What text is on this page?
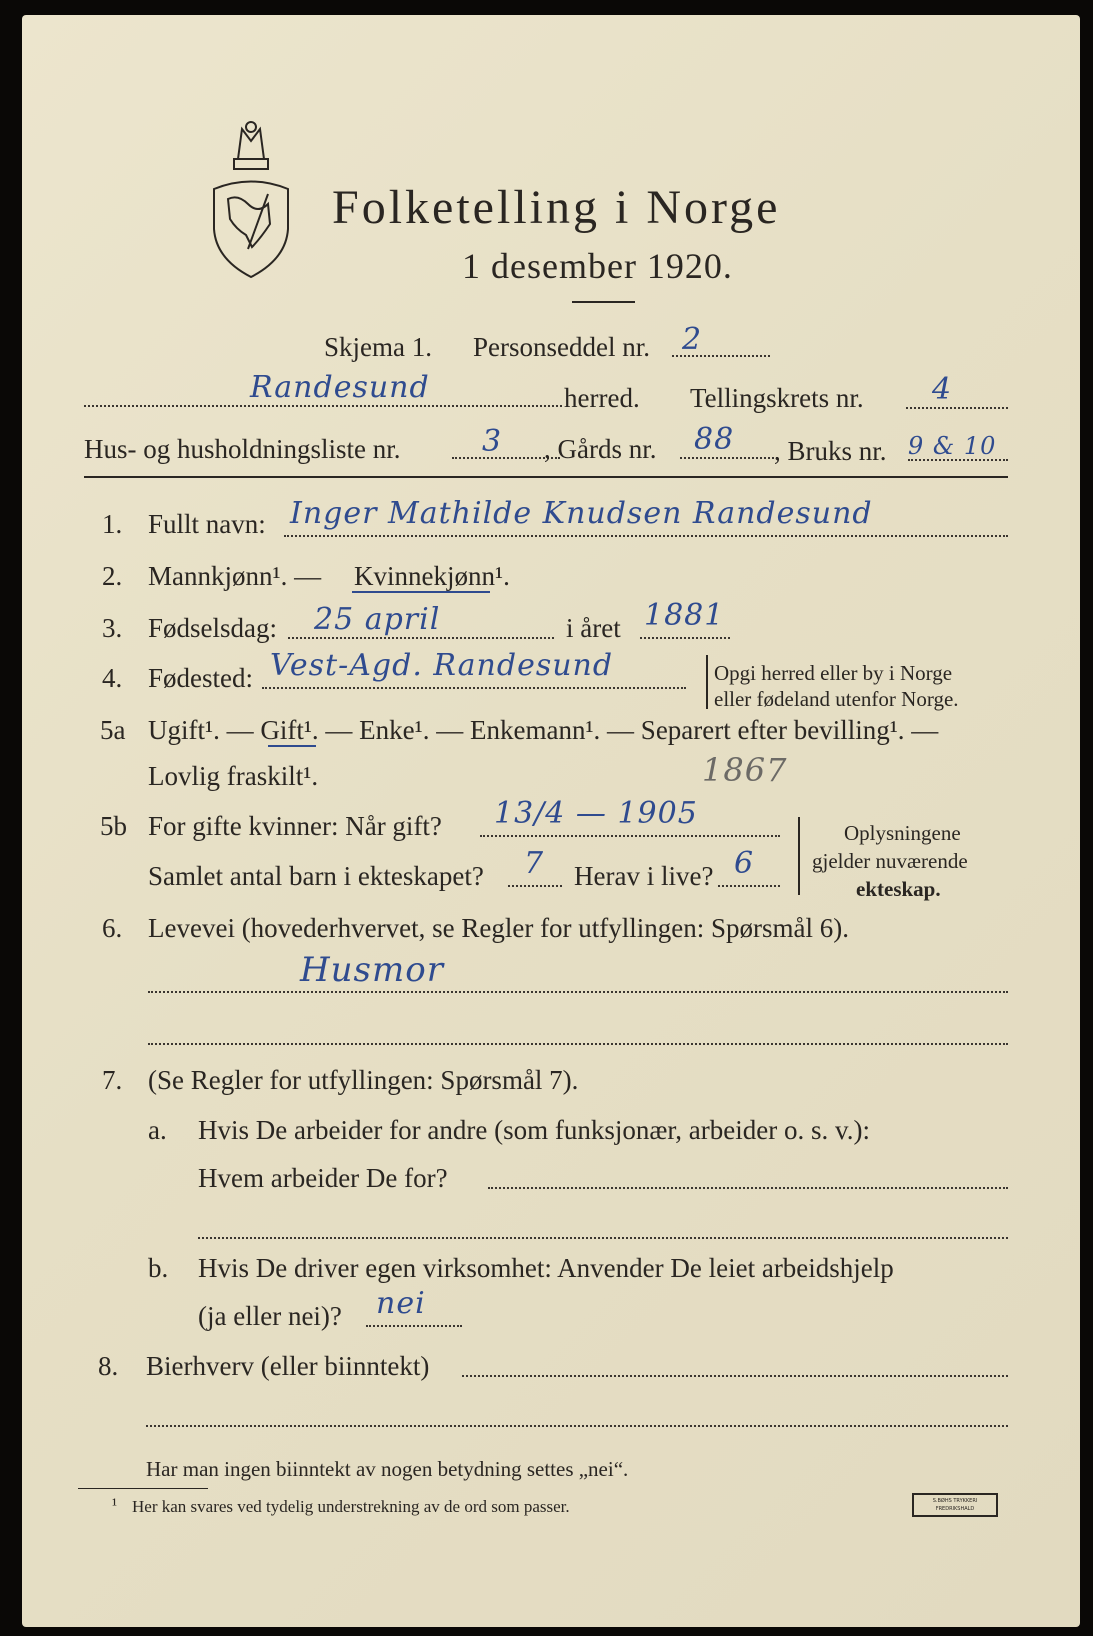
Folketelling i Norge
1 desember 1920.
Skjema 1. Personseddel nr. 2
Randesund	herred. Tellingskrets nr. 4
Hus- og husholdningsliste nr.	3 , Gårds nr. 88 , Bruks nr. 9 & 10
1. Fullt navn: Inger Mathilde Knudsen Randesund
2. Mannkjønn¹. — Kvinnekjønn¹.
3. Fødselsdag: 25 april	i året 1881
4. Fødested: Vest-Agd. Randesund	Opgi herred eller by i Norge
eller fødeland utenfor Norge.
5a Ugift¹. — Gift¹. — Enke¹. — Enkemann¹. — Separert efter bevilling¹. —
Lovlig fraskilt¹.	1867
5b For gifte kvinner: Når gift? 13/4 — 1905
Samlet antal barn i ekteskapet? 7 Herav i live? 6
Oplysningene
gjelder nuværende
ekteskap.
6. Levevei (hovederhvervet, se Regler for utfyllingen: Spørsmål 6).
Husmor
7. (Se Regler for utfyllingen: Spørsmål 7).
a. Hvis De arbeider for andre (som funksjonær, arbeider o. s. v.):
Hvem arbeider De for?
b. Hvis De driver egen virksomhet: Anvender De leiet arbeidshjelp
(ja eller nei)? nei
8. Bierhverv (eller biinntekt)
Har man ingen biinntekt av nogen betydning settes „nei“.
¹ Her kan svares ved tydelig understrekning av de ord som passer.	S.BØHS TRYKKERI FREDRIKSHALD
